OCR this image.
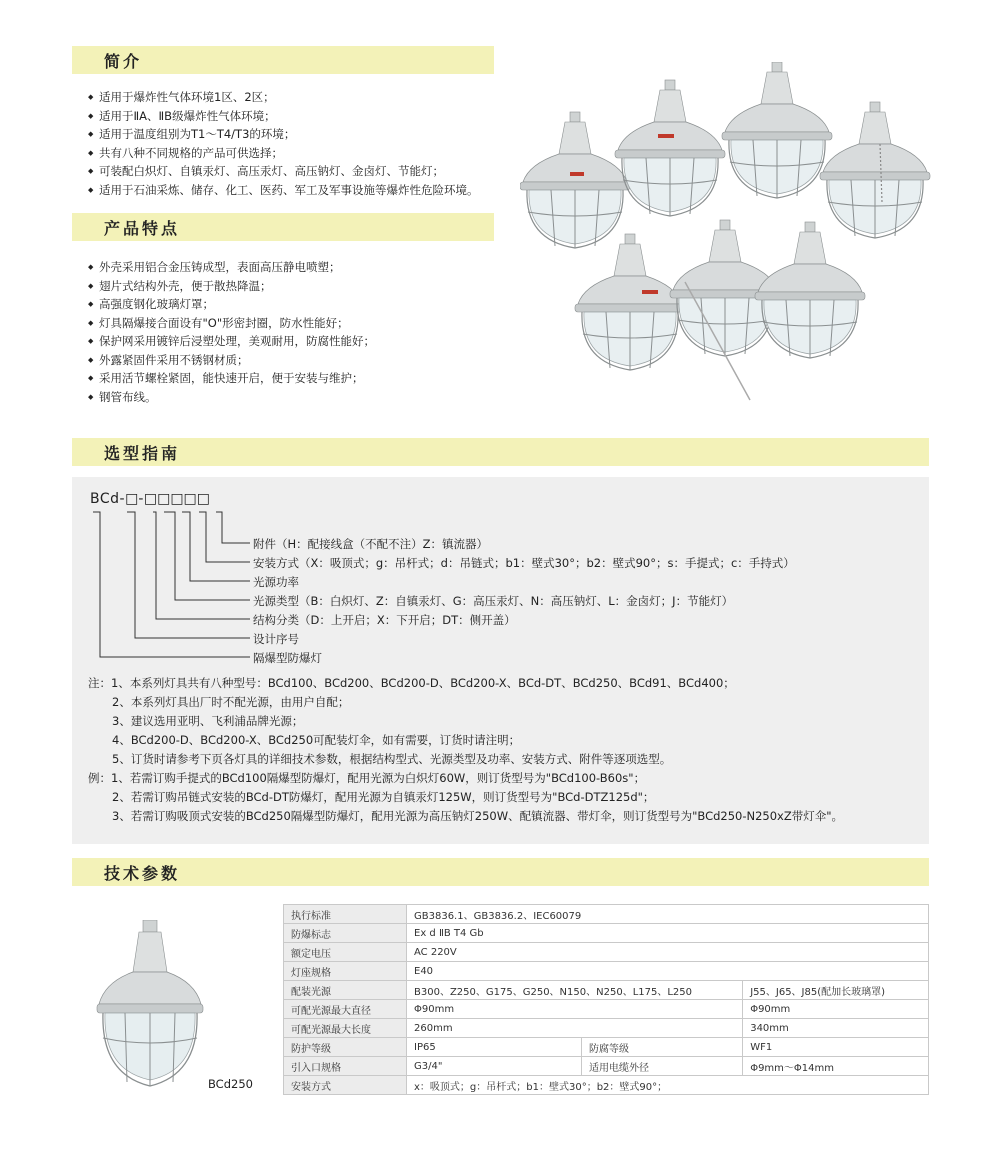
简介
◆ 适用于爆炸性气体环境1区、2区；
◆ 适用于ⅡA、ⅡB级爆炸性气体环境；
◆ 适用于温度组别为T1～T4/T3的环境；
◆ 共有八种不同规格的产品可供选择；
◆ 可装配白炽灯、自镇汞灯、高压汞灯、高压钠灯、金卤灯、节能灯；
◆ 适用于石油采炼、储存、化工、医药、军工及军事设施等爆炸性危险环境。
产品特点
◆ 外壳采用铝合金压铸成型，表面高压静电喷塑；
◆ 翅片式结构外壳，便于散热降温；
◆ 高强度钢化玻璃灯罩；
◆ 灯具隔爆接合面设有"O"形密封圈，防水性能好；
◆ 保护网采用镀锌后浸塑处理，美观耐用，防腐性能好；
◆ 外露紧固件采用不锈钢材质；
◆ 采用活节螺栓紧固，能快速开启，便于安装与维护；
◆ 钢管布线。
选型指南
BCd-□-□□□□□
附件（H：配接线盒（不配不注）Z：镇流器）
安装方式（X：吸顶式；g：吊杆式；d：吊链式；b1：壁式30°；b2：壁式90°；s：手提式；c：手持式）
光源功率
光源类型（B：白炽灯、Z：自镇汞灯、G：高压汞灯、N：高压钠灯、L：金卤灯；J：节能灯）
结构分类（D：上开启；X：下开启；DT：侧开盖）
设计序号
隔爆型防爆灯
注：1、本系列灯具共有八种型号：BCd100、BCd200、BCd200-D、BCd200-X、BCd-DT、BCd250、BCd91、BCd400；
2、本系列灯具出厂时不配光源，由用户自配；
3、建议选用亚明、飞利浦品牌光源；
4、BCd200-D、BCd200-X、BCd250可配装灯伞，如有需要，订货时请注明；
5、订货时请参考下页各灯具的详细技术参数，根据结构型式、光源类型及功率、安装方式、附件等逐项选型。
例：1、若需订购手提式的BCd100隔爆型防爆灯，配用光源为白炽灯60W，则订货型号为"BCd100-B60s"；
2、若需订购吊链式安装的BCd-DT防爆灯，配用光源为自镇汞灯125W，则订货型号为"BCd-DTZ125d"；
3、若需订购吸顶式安装的BCd250隔爆型防爆灯，配用光源为高压钠灯250W、配镇流器、带灯伞，则订货型号为"BCd250-N250xZ带灯伞"。
技术参数
BCd250
执行标准	GB3836.1、GB3836.2、IEC60079		
防爆标志	Ex d ⅡB T4 Gb		
额定电压	AC 220V		
灯座规格	E40		
配装光源	B300、Z250、G175、G250、N150、N250、L175、L250		J55、J65、J85(配加长玻璃罩)
可配光源最大直径	Φ90mm		Φ90mm
可配光源最大长度	260mm		340mm
防护等级	IP65	防腐等级	WF1
引入口规格	G3/4"	适用电缆外径	Φ9mm～Φ14mm
安装方式	x：吸顶式；g：吊杆式；b1：壁式30°；b2：壁式90°；		
